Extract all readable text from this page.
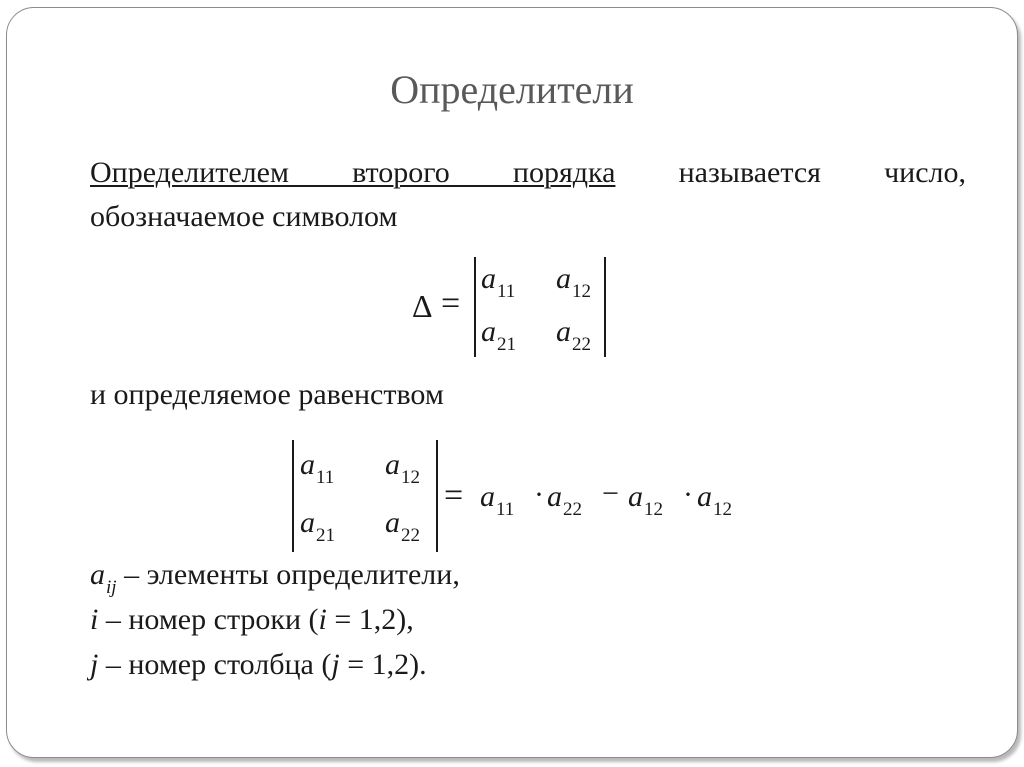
Определители
Определителем второго порядка называется число,
обозначаемое символом
Δ =
$a_{11}$ $a_{12}$
$a_{21}$ $a_{22}$
и определяемое равенством
$a_{11}$ $a_{12}$
$a_{21}$ $a_{22}$
= $a_{11} \cdot a_{22} - a_{12} \cdot a_{12}$
$a_{ij}$ – элементы определители,
i – номер строки (i = 1,2),
j – номер столбца (j = 1,2).
